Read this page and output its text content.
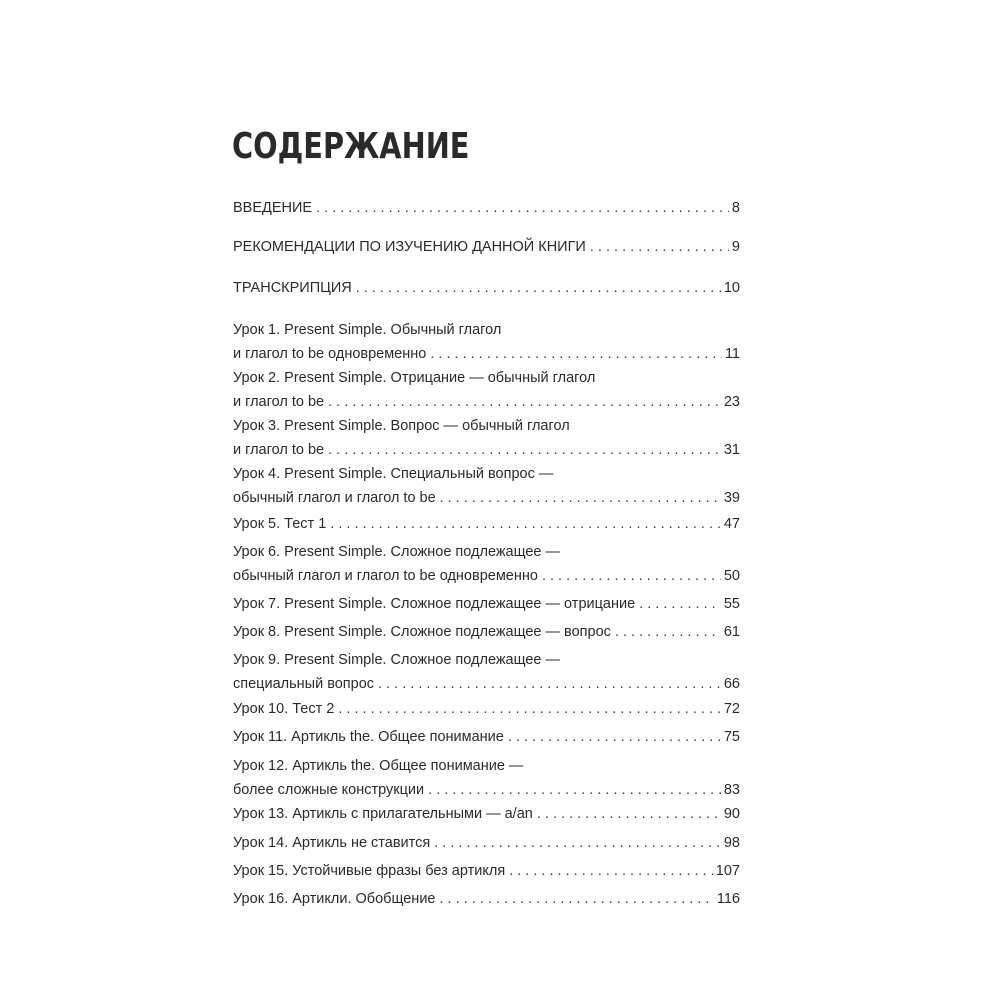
СОДЕРЖАНИЕ
ВВЕДЕНИЕ . . .	8
РЕКОМЕНДАЦИИ ПО ИЗУЧЕНИЮ ДАННОЙ КНИГИ . . .	9
ТРАНСКРИПЦИЯ . . .	10
Урок 1. Present Simple. Обычный глагол
и глагол to be одновременно . . .	11
Урок 2. Present Simple. Отрицание — обычный глагол
и глагол to be . . .	23
Урок 3. Present Simple. Вопрос — обычный глагол
и глагол to be . . .	31
Урок 4. Present Simple. Специальный вопрос —
обычный глагол и глагол to be . . .	39
Урок 5. Тест 1 . . .	47
Урок 6. Present Simple. Сложное подлежащее —
обычный глагол и глагол to be одновременно . . .	50
Урок 7. Present Simple. Сложное подлежащее — отрицание . . .	55
Урок 8. Present Simple. Сложное подлежащее — вопрос . . .	61
Урок 9. Present Simple. Сложное подлежащее —
специальный вопрос . . .	66
Урок 10. Тест 2 . . .	72
Урок 11. Артикль the. Общее понимание . . .	75
Урок 12. Артикль the. Общее понимание —
более сложные конструкции . . .	83
Урок 13. Артикль с прилагательными — a/an . . .	90
Урок 14. Артикль не ставится . . .	98
Урок 15. Устойчивые фразы без артикля . . .	107
Урок 16. Артикли. Обобщение . . .	116
